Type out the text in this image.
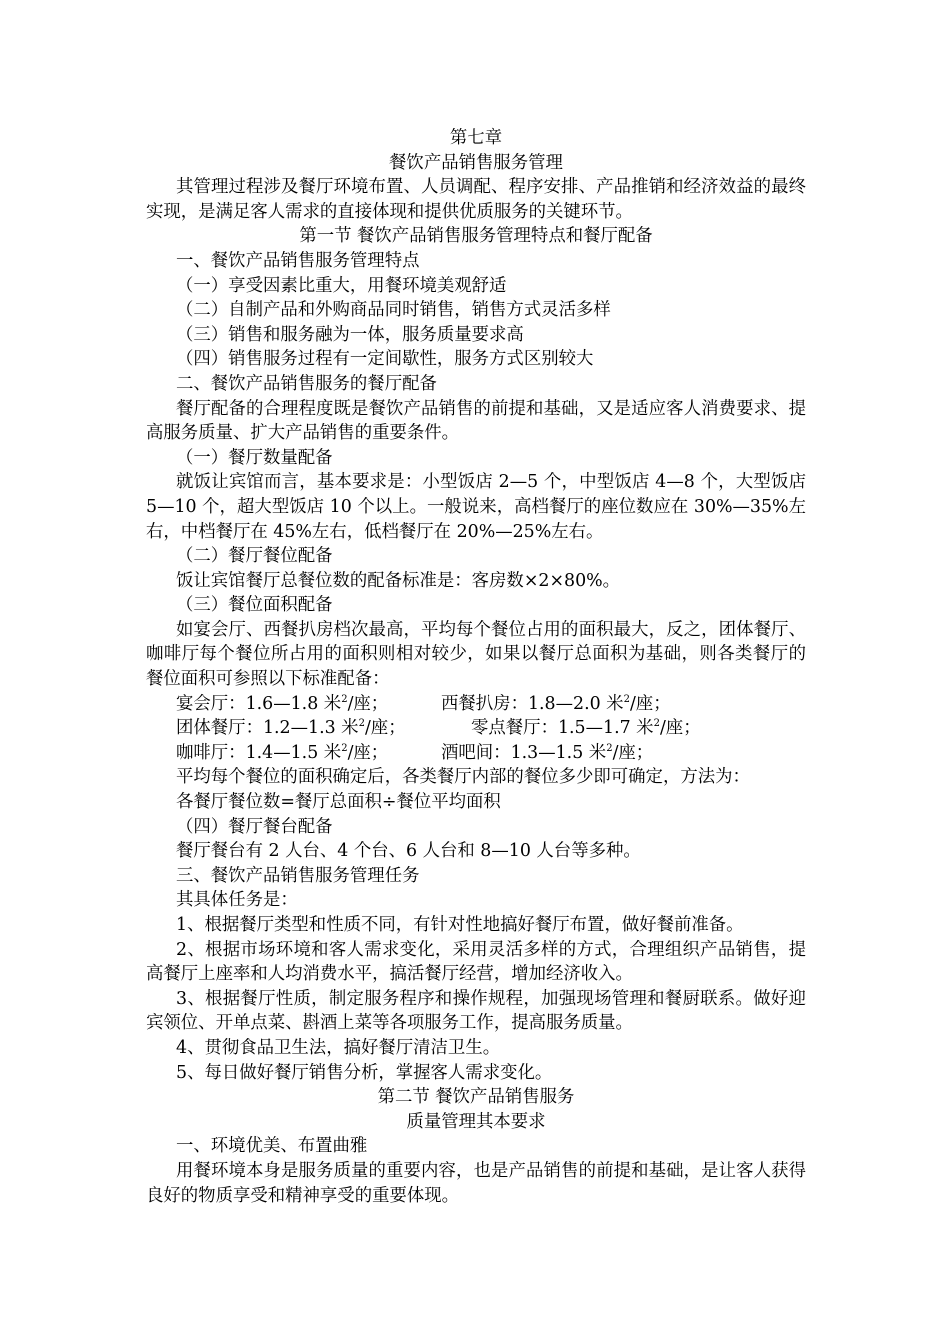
第七章

餐饮产品销售服务管理

其管理过程涉及餐厅环境布置、人员调配、程序安排、产品推销和经济效益的最终实现，是满足客人需求的直接体现和提供优质服务的关键环节。

第一节 餐饮产品销售服务管理特点和餐厅配备

一、餐饮产品销售服务管理特点

（一）享受因素比重大，用餐环境美观舒适

（二）自制产品和外购商品同时销售，销售方式灵活多样

（三）销售和服务融为一体，服务质量要求高

（四）销售服务过程有一定间歇性，服务方式区别较大

二、餐饮产品销售服务的餐厅配备

餐厅配备的合理程度既是餐饮产品销售的前提和基础，又是适应客人消费要求、提高服务质量、扩大产品销售的重要条件。

（一）餐厅数量配备

就饭让宾馆而言，基本要求是：小型饭店 2—5 个，中型饭店 4—8 个，大型饭店 5—10 个，超大型饭店 10 个以上。一般说来，高档餐厅的座位数应在 30%—35%左右，中档餐厅在 45%左右，低档餐厅在 20%—25%左右。

（二）餐厅餐位配备

饭让宾馆餐厅总餐位数的配备标准是：客房数×2×80%。

（三）餐位面积配备

如宴会厅、西餐扒房档次最高，平均每个餐位占用的面积最大，反之，团体餐厅、咖啡厅每个餐位所占用的面积则相对较少，如果以餐厅总面积为基础，则各类餐厅的餐位面积可参照以下标准配备：

宴会厅：1.6—1.8 米$^2$/座；	西餐扒房：1.8—2.0 米$^2$/座；

团体餐厅：1.2—1.3 米$^2$/座；	零点餐厅：1.5—1.7 米$^2$/座；

咖啡厅：1.4—1.5 米$^2$/座；	酒吧间：1.3—1.5 米$^2$/座；

平均每个餐位的面积确定后，各类餐厅内部的餐位多少即可确定，方法为：

各餐厅餐位数=餐厅总面积÷餐位平均面积

（四）餐厅餐台配备

餐厅餐台有 2 人台、4 个台、6 人台和 8—10 人台等多种。

三、餐饮产品销售服务管理任务

其具体任务是：

1、根据餐厅类型和性质不同，有针对性地搞好餐厅布置，做好餐前准备。

2、根据市场环境和客人需求变化，采用灵活多样的方式，合理组织产品销售，提高餐厅上座率和人均消费水平，搞活餐厅经营，增加经济收入。

3、根据餐厅性质，制定服务程序和操作规程，加强现场管理和餐厨联系。做好迎宾领位、开单点菜、斟酒上菜等各项服务工作，提高服务质量。

4、贯彻食品卫生法，搞好餐厅清洁卫生。

5、每日做好餐厅销售分析，掌握客人需求变化。

第二节 餐饮产品销售服务

质量管理其本要求

一、环境优美、布置曲雅

用餐环境本身是服务质量的重要内容，也是产品销售的前提和基础，是让客人获得良好的物质享受和精神享受的重要体现。
